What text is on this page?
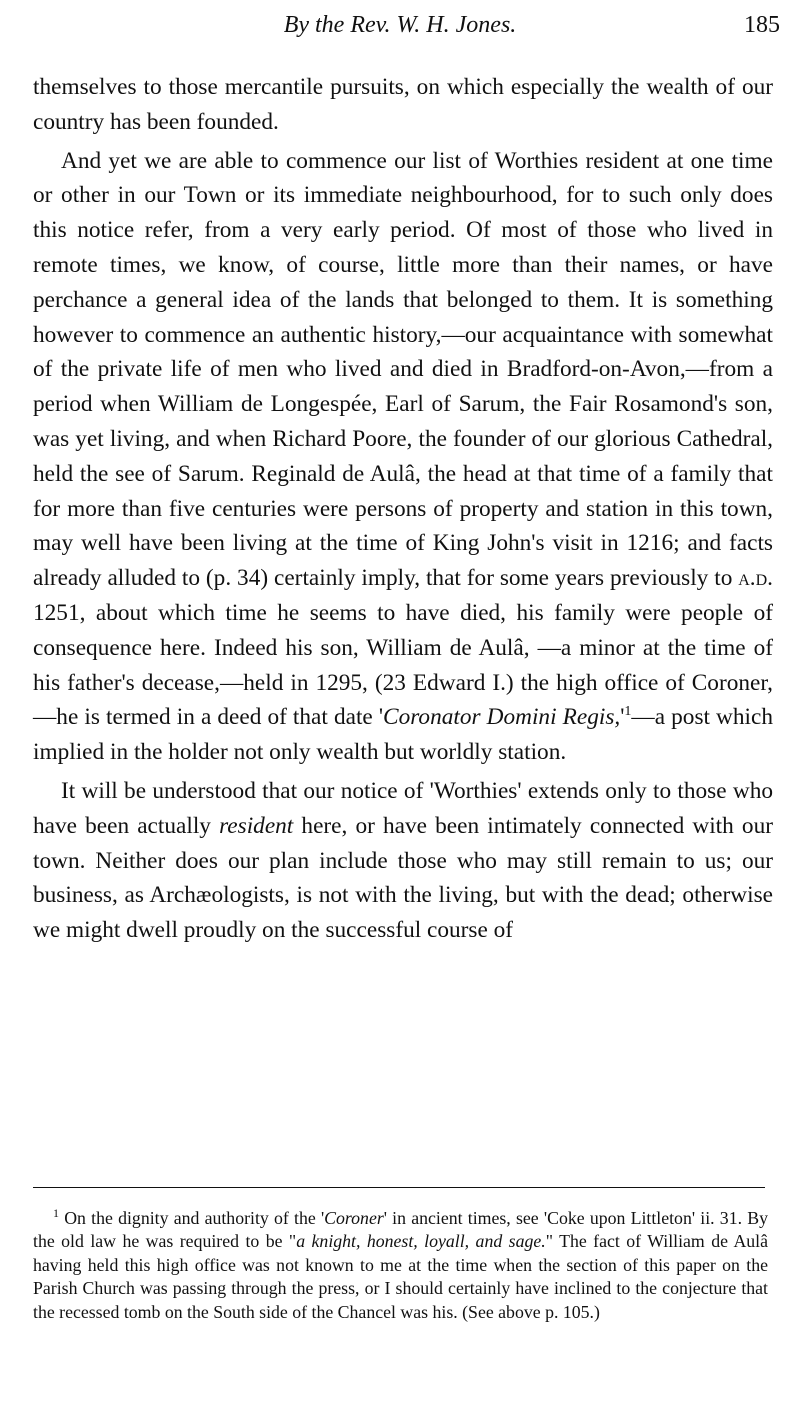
By the Rev. W. H. Jones.	185

themselves to those mercantile pursuits, on which especially the wealth of our country has been founded.

And yet we are able to commence our list of Worthies resident at one time or other in our Town or its immediate neighbourhood, for to such only does this notice refer, from a very early period. Of most of those who lived in remote times, we know, of course, little more than their names, or have perchance a general idea of the lands that belonged to them. It is something however to commence an authentic history,—our acquaintance with somewhat of the private life of men who lived and died in Bradford-on-Avon,—from a period when William de Longespée, Earl of Sarum, the Fair Rosamond's son, was yet living, and when Richard Poore, the founder of our glorious Cathedral, held the see of Sarum. Reginald de Aulâ, the head at that time of a family that for more than five centuries were persons of property and station in this town, may well have been living at the time of King John's visit in 1216; and facts already alluded to (p. 34) certainly imply, that for some years previously to a.d. 1251, about which time he seems to have died, his family were people of consequence here. Indeed his son, William de Aulâ, —a minor at the time of his father's decease,—held in 1295, (23 Edward I.) the high office of Coroner,—he is termed in a deed of that date 'Coronator Domini $Regis,'^1—a$ post which implied in the holder not only wealth but worldly station.

It will be understood that our notice of 'Worthies' extends only to those who have been actually resident here, or have been intimately connected with our town. Neither does our plan include those who may still remain to us; our business, as Archæologists, is not with the living, but with the dead; otherwise we might dwell proudly on the successful course of

$^1$ On the dignity and authority of the 'Coroner' in ancient times, see 'Coke upon Littleton' ii. 31. By the old law he was required to be "a knight, honest, loyall, and sage." The fact of William de Aulâ having held this high office was not known to me at the time when the section of this paper on the Parish Church was passing through the press, or I should certainly have inclined to the conjecture that the recessed tomb on the South side of the Chancel was his. (See above p. 105.)
